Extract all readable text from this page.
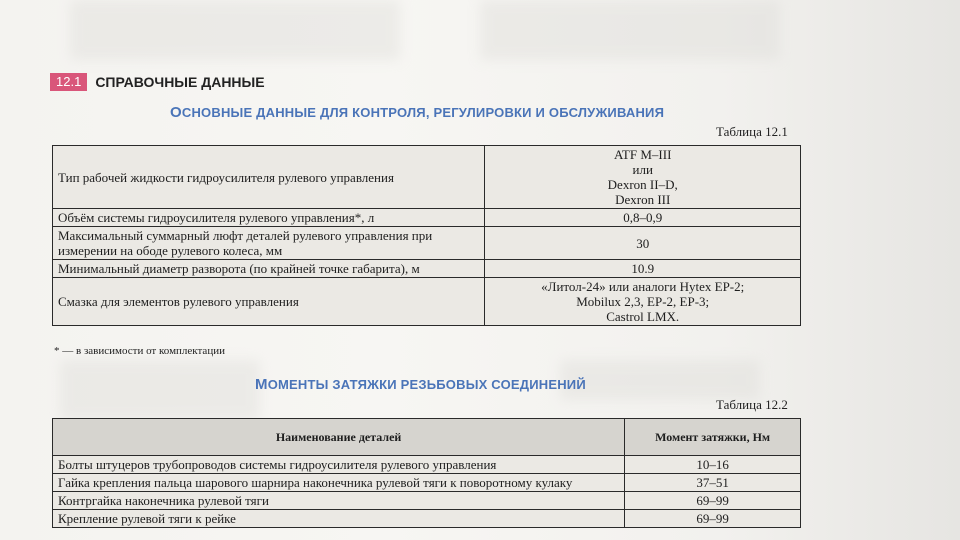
12.1	СПРАВОЧНЫЕ ДАННЫЕ
ОСНОВНЫЕ ДАННЫЕ ДЛЯ КОНТРОЛЯ, РЕГУЛИРОВКИ И ОБСЛУЖИВАНИЯ
Таблица 12.1
Тип рабочей жидкости гидроусилителя рулевого управления	ATF M–III
или
Dexron II–D,
Dexron III

Объём системы гидроусилителя рулевого управления*, л	0,8–0,9

Максимальный суммарный люфт деталей рулевого управления при измерении на ободе рулевого колеса, мм	30

Минимальный диаметр разворота (по крайней точке габарита), м	10.9

Смазка для элементов рулевого управления	«Литол-24» или аналоги Hytex EP-2;
Mobilux 2,3, EP-2, EP-3;
Castrol LMX.
* — в зависимости от комплектации
МОМЕНТЫ ЗАТЯЖКИ РЕЗЬБОВЫХ СОЕДИНЕНИЙ
Таблица 12.2
Наименование деталей	Момент затяжки, Нм
Болты штуцеров трубопроводов системы гидроусилителя рулевого управления	10–16
Гайка крепления пальца шарового шарнира наконечника рулевой тяги к поворотному кулаку	37–51
Контргайка наконечника рулевой тяги	69–99
Крепление рулевой тяги к рейке	69–99
